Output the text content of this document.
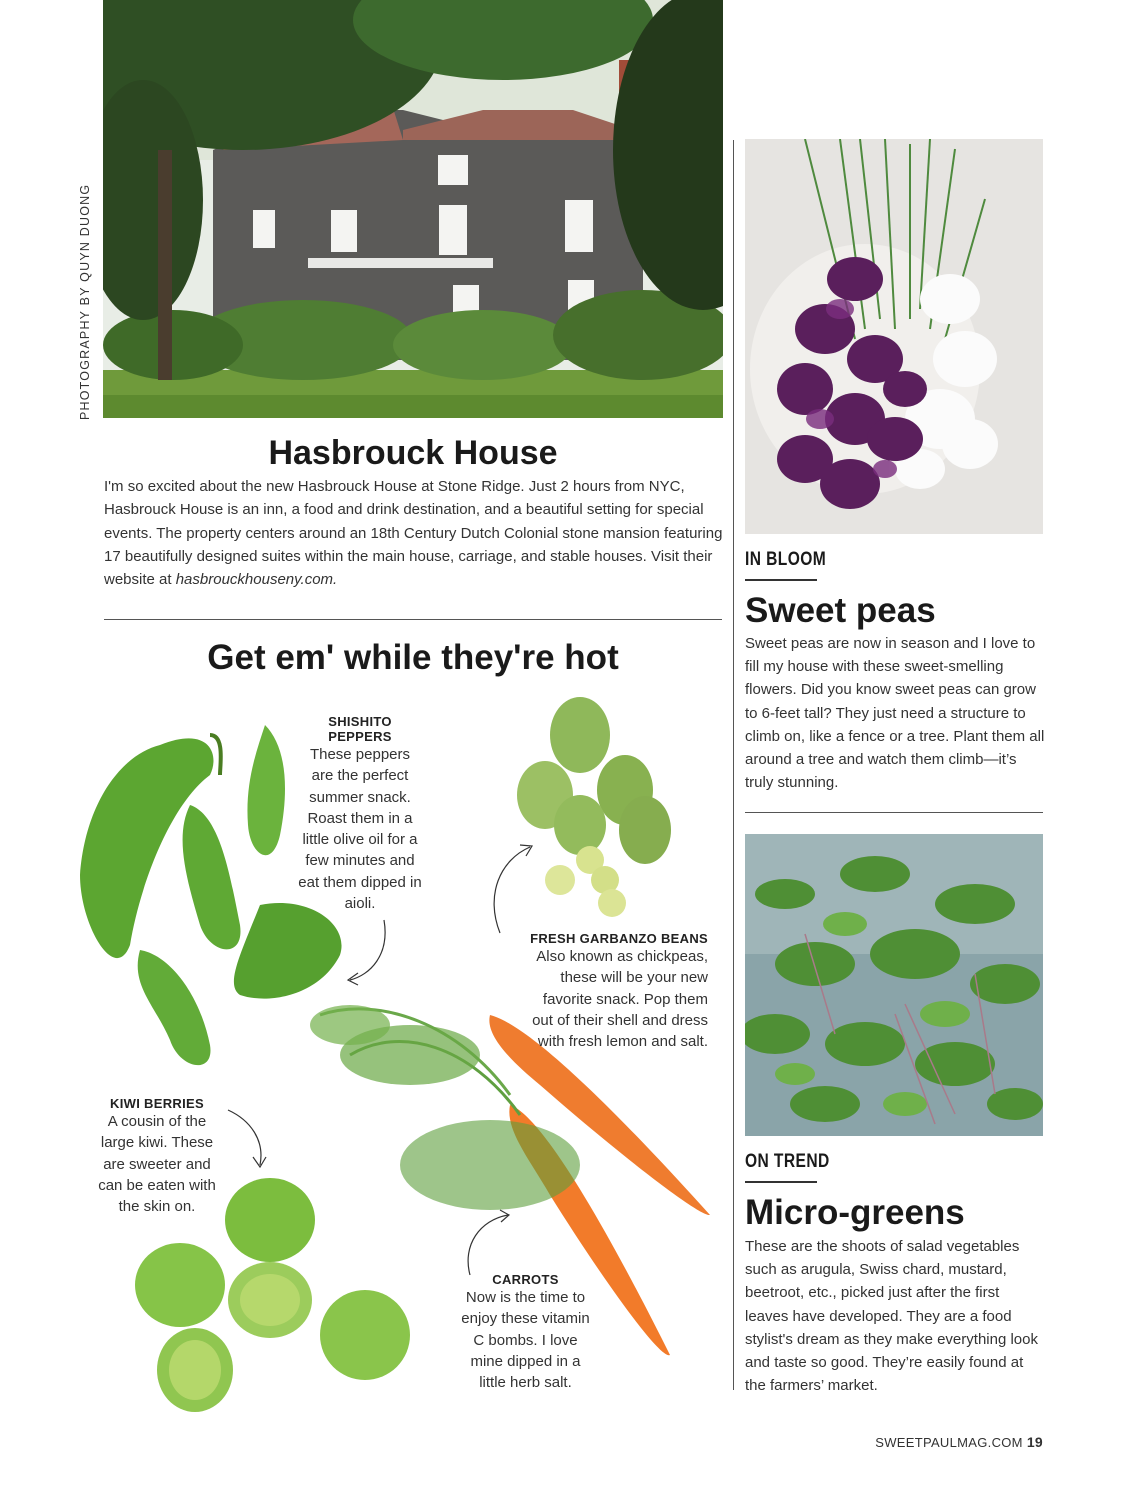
PHOTOGRAPHY BY QUYN DUONG
Hasbrouck House

I'm so excited about the new Hasbrouck House at Stone Ridge. Just 2 hours from NYC, Hasbrouck House is an inn, a food and drink destination, and a beautiful setting for special events. The property centers around an 18th Century Dutch Colonial stone mansion featuring 17 beautifully designed suites within the main house, carriage, and stable houses. Visit their website at hasbrouckhouseny.com.

Get em' while they're hot
SHISHITO PEPPERS
These peppers are the perfect summer snack. Roast them in a little olive oil for a few minutes and eat them dipped in aioli.
FRESH GARBANZO BEANS
Also known as chickpeas, these will be your new favorite snack. Pop them out of their shell and dress with fresh lemon and salt.
KIWI BERRIES
A cousin of the large kiwi. These are sweeter and can be eaten with the skin on.
CARROTS
Now is the time to enjoy these vitamin C bombs. I love mine dipped in a little herb salt.
IN BLOOM
Sweet peas

Sweet peas are now in season and I love to fill my house with these sweet-smelling flowers. Did you know sweet peas can grow to 6-feet tall? They just need a structure to climb on, like a fence or a tree. Plant them all around a tree and watch them climb—it’s truly stunning.

ON TREND
Micro-greens

These are the shoots of salad vegetables such as arugula, Swiss chard, mustard, beetroot, etc., picked just after the first leaves have developed. They are a food stylist's dream as they make everything look and taste so good. They’re easily found at the farmers’ market.

SWEETPAULMAG.COM 19
